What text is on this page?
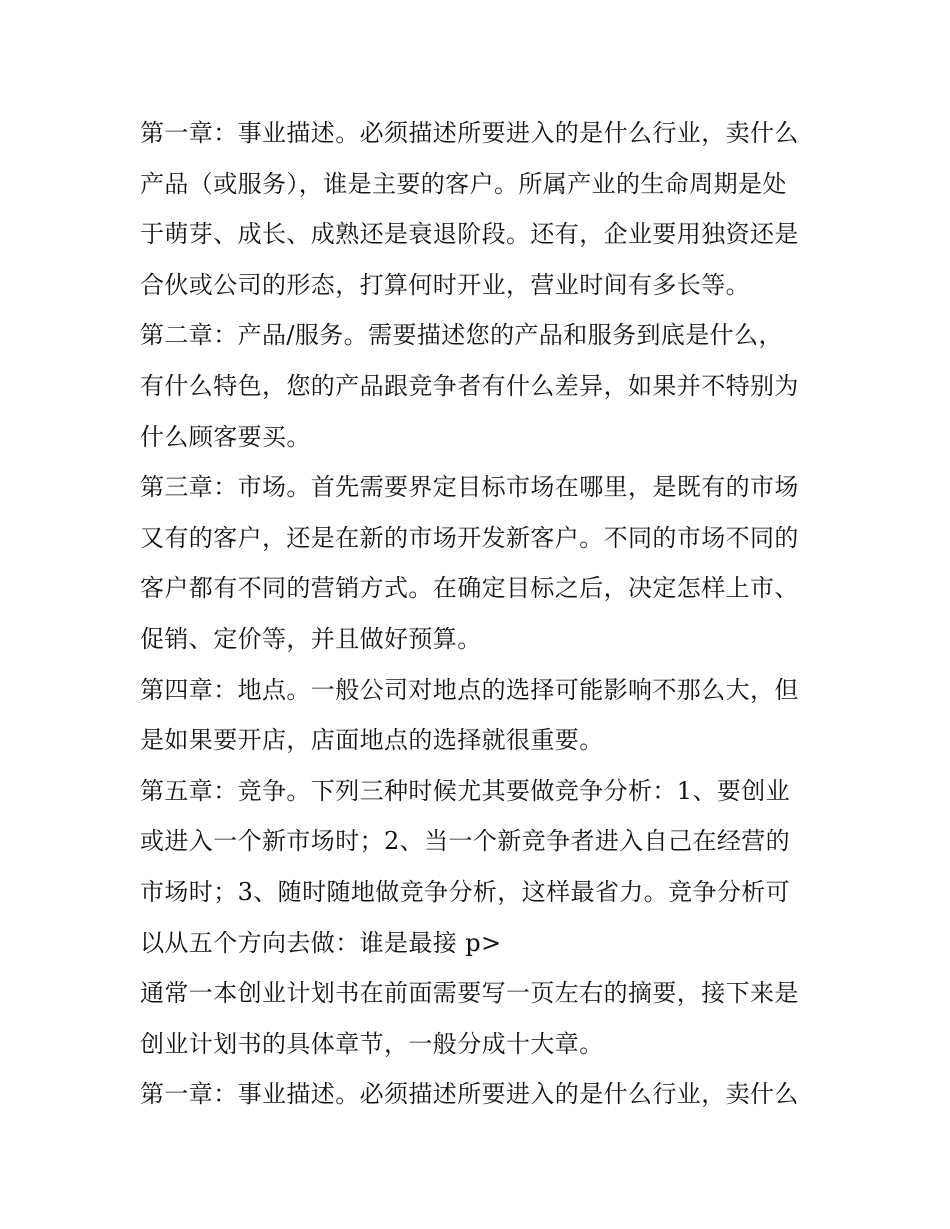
第一章：事业描述。必须描述所要进入的是什么行业，卖什么
产品（或服务），谁是主要的客户。所属产业的生命周期是处
于萌芽、成长、成熟还是衰退阶段。还有，企业要用独资还是
合伙或公司的形态，打算何时开业，营业时间有多长等。
第二章：产品/服务。需要描述您的产品和服务到底是什么，
有什么特色，您的产品跟竞争者有什么差异，如果并不特别为
什么顾客要买。
第三章：市场。首先需要界定目标市场在哪里，是既有的市场
又有的客户，还是在新的市场开发新客户。不同的市场不同的
客户都有不同的营销方式。在确定目标之后，决定怎样上市、
促销、定价等，并且做好预算。
第四章：地点。一般公司对地点的选择可能影响不那么大，但
是如果要开店，店面地点的选择就很重要。
第五章：竞争。下列三种时候尤其要做竞争分析：1、要创业
或进入一个新市场时；2、当一个新竞争者进入自己在经营的
市场时；3、随时随地做竞争分析，这样最省力。竞争分析可
以从五个方向去做：谁是最接 p>
通常一本创业计划书在前面需要写一页左右的摘要，接下来是
创业计划书的具体章节，一般分成十大章。
第一章：事业描述。必须描述所要进入的是什么行业，卖什么
